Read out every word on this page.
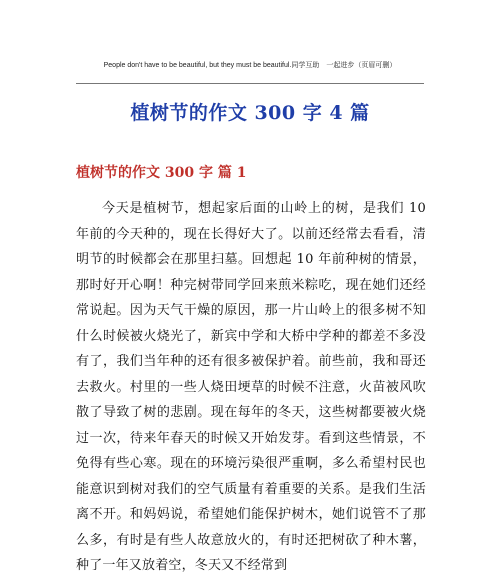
People don't have to be beautiful, but they must be beautiful.同学互助　一起进步（页眉可删）
植树节的作文 300 字 4 篇
植树节的作文 300 字 篇 1

今天是植树节，想起家后面的山岭上的树，是我们 10 年前的今天种的，现在长得好大了。以前还经常去看看，清明节的时候都会在那里扫墓。回想起 10 年前种树的情景，那时好开心啊！种完树带同学回来煎米粽吃，现在她们还经常说起。因为天气干燥的原因，那一片山岭上的很多树不知什么时候被火烧光了，新宾中学和大桥中学种的都差不多没有了，我们当年种的还有很多被保护着。前些前，我和哥还去救火。村里的一些人烧田埂草的时候不注意，火苗被风吹散了导致了树的悲剧。现在每年的冬天，这些树都要被火烧过一次，待来年春天的时候又开始发芽。看到这些情景，不免得有些心寒。现在的环境污染很严重啊，多么希望村民也能意识到树对我们的空气质量有着重要的关系。是我们生活离不开。和妈妈说，希望她们能保护树木，她们说管不了那么多，有时是有些人故意放火的，有时还把树砍了种木薯，种了一年又放着空，冬天又不经常到
